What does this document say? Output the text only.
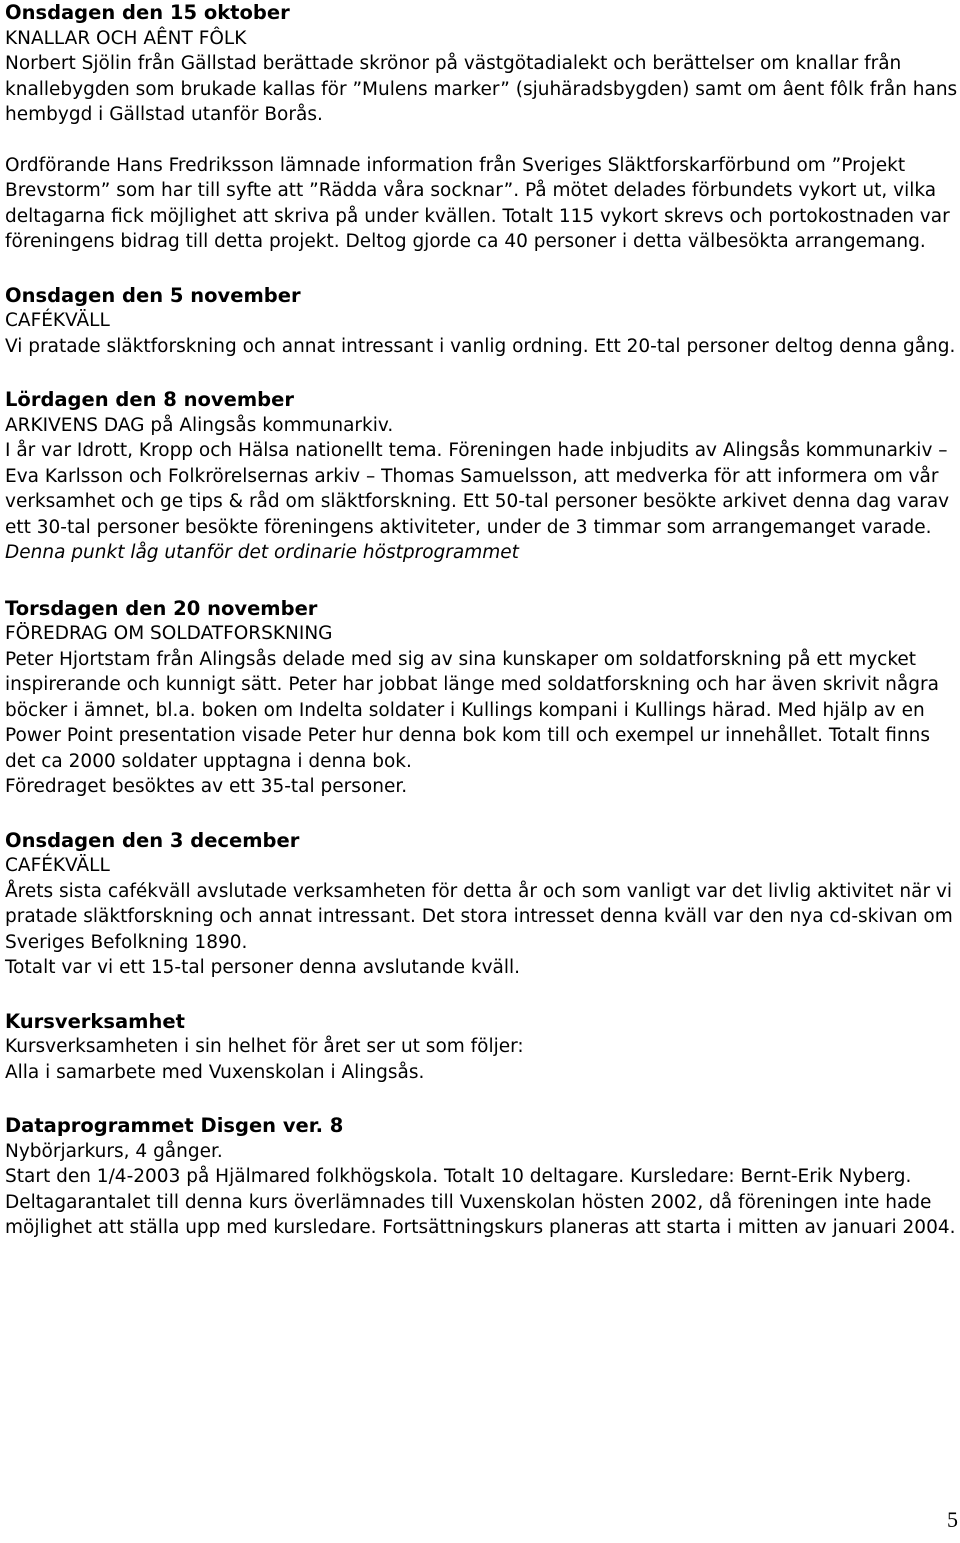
Onsdagen den 15 oktober

KNALLAR OCH AÊNT FÔLK

Norbert Sjölin från Gällstad berättade skrönor på västgötadialekt och berättelser om knallar från knallebygden som brukade kallas för ”Mulens marker” (sjuhäradsbygden) samt om âent fôlk från hans hembygd i Gällstad utanför Borås.

Ordförande Hans Fredriksson lämnade information från Sveriges Släktforskarförbund om ”Projekt Brevstorm” som har till syfte att ”Rädda våra socknar”. På mötet delades förbundets vykort ut, vilka deltagarna fick möjlighet att skriva på under kvällen. Totalt 115 vykort skrevs och portokostnaden var föreningens bidrag till detta projekt. Deltog gjorde ca 40 personer i detta välbesökta arrangemang.

Onsdagen den 5 november

CAFÉKVÄLL

Vi pratade släktforskning och annat intressant i vanlig ordning. Ett 20-tal personer deltog denna gång.

Lördagen den 8 november

ARKIVENS DAG på Alingsås kommunarkiv.

I år var Idrott, Kropp och Hälsa nationellt tema. Föreningen hade inbjudits av Alingsås kommunarkiv – Eva Karlsson och Folkrörelsernas arkiv – Thomas Samuelsson, att medverka för att informera om vår verksamhet och ge tips & råd om släktforskning. Ett 50-tal personer besökte arkivet denna dag varav ett 30-tal personer besökte föreningens aktiviteter, under de 3 timmar som arrangemanget varade.

Denna punkt låg utanför det ordinarie höstprogrammet

Torsdagen den 20 november

FÖREDRAG OM SOLDATFORSKNING

Peter Hjortstam från Alingsås delade med sig av sina kunskaper om soldatforskning på ett mycket inspirerande och kunnigt sätt. Peter har jobbat länge med soldatforskning och har även skrivit några böcker i ämnet, bl.a. boken om Indelta soldater i Kullings kompani i Kullings härad. Med hjälp av en Power Point presentation visade Peter hur denna bok kom till och exempel ur innehållet. Totalt finns det ca 2000 soldater upptagna i denna bok.

Föredraget besöktes av ett 35-tal personer.

Onsdagen den 3 december

CAFÉKVÄLL

Årets sista cafékväll avslutade verksamheten för detta år och som vanligt var det livlig aktivitet när vi pratade släktforskning och annat intressant. Det stora intresset denna kväll var den nya cd-skivan om Sveriges Befolkning 1890.

Totalt var vi ett 15-tal personer denna avslutande kväll.

Kursverksamhet

Kursverksamheten i sin helhet för året ser ut som följer:

Alla i samarbete med Vuxenskolan i Alingsås.

Dataprogrammet Disgen ver. 8

Nybörjarkurs, 4 gånger.

Start den 1/4-2003 på Hjälmared folkhögskola. Totalt 10 deltagare. Kursledare: Bernt-Erik Nyberg.

Deltagarantalet till denna kurs överlämnades till Vuxenskolan hösten 2002, då föreningen inte hade möjlighet att ställa upp med kursledare. Fortsättningskurs planeras att starta i mitten av januari 2004.

5
